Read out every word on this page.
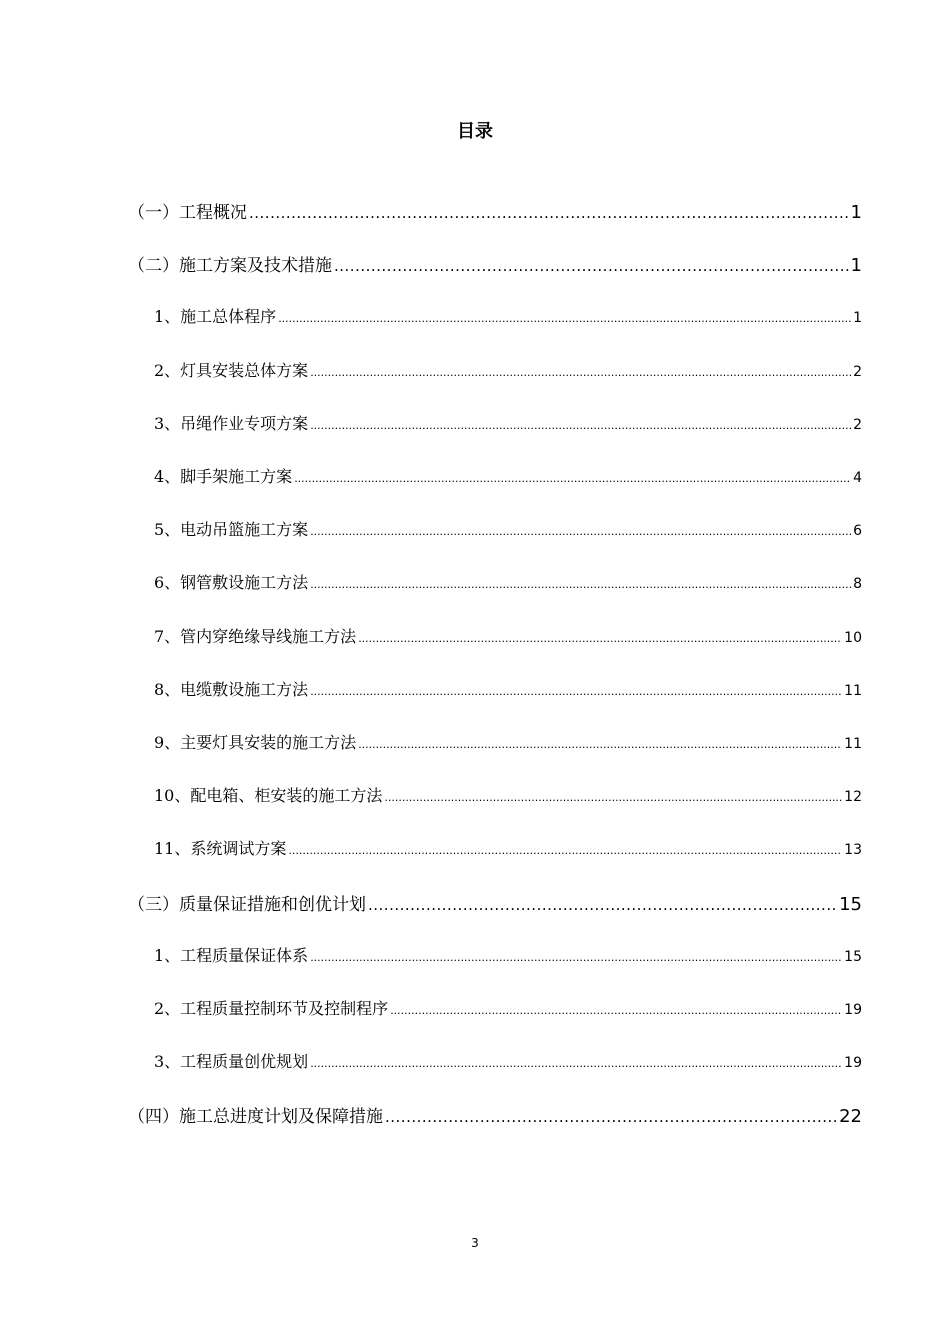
目录
（一）工程概况 .....	1
（二）施工方案及技术措施 .....	1
1、施工总体程序 .....	1
2、灯具安装总体方案 .....	2
3、吊绳作业专项方案 .....	2
4、脚手架施工方案 .....	4
5、电动吊篮施工方案 .....	6
6、钢管敷设施工方法 .....	8
7、管内穿绝缘导线施工方法 .....	10
8、电缆敷设施工方法 .....	11
9、主要灯具安装的施工方法 .....	11
10、配电箱、柜安装的施工方法 .....	12
11、系统调试方案 .....	13
（三）质量保证措施和创优计划 .....	15
1、工程质量保证体系 .....	15
2、工程质量控制环节及控制程序 .....	19
3、工程质量创优规划 .....	19
（四）施工总进度计划及保障措施 .....	22
3
